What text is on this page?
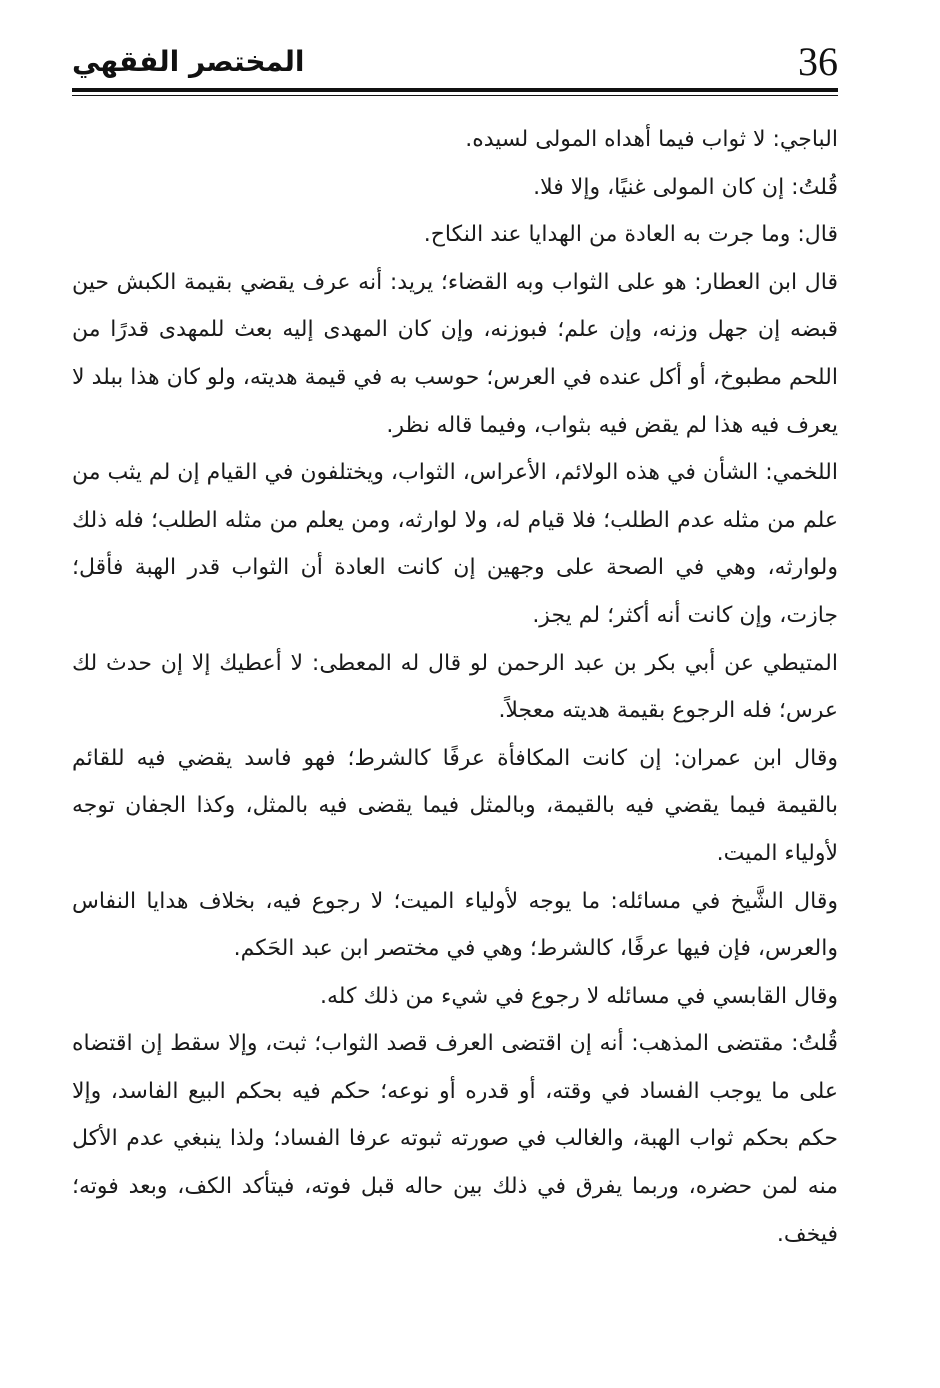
36
المختصر الفقهي

الباجي: لا ثواب فيما أهداه المولى لسيده.

قُلتُ: إن كان المولى غنيًا، وإلا فلا.

قال: وما جرت به العادة من الهدايا عند النكاح.

قال ابن العطار: هو على الثواب وبه القضاء؛ يريد: أنه عرف يقضي بقيمة الكبش حين قبضه إن جهل وزنه، وإن علم؛ فبوزنه، وإن كان المهدى إليه بعث للمهدى قدرًا من اللحم مطبوخ، أو أكل عنده في العرس؛ حوسب به في قيمة هديته، ولو كان هذا ببلد لا يعرف فيه هذا لم يقض فيه بثواب، وفيما قاله نظر.

اللخمي: الشأن في هذه الولائم، الأعراس، الثواب، ويختلفون في القيام إن لم يثب من علم من مثله عدم الطلب؛ فلا قيام له، ولا لوارثه، ومن يعلم من مثله الطلب؛ فله ذلك ولوارثه، وهي في الصحة على وجهين إن كانت العادة أن الثواب قدر الهبة فأقل؛ جازت، وإن كانت أنه أكثر؛ لم يجز.

المتيطي عن أبي بكر بن عبد الرحمن لو قال له المعطى: لا أعطيك إلا إن حدث لك عرس؛ فله الرجوع بقيمة هديته معجلاً.

وقال ابن عمران: إن كانت المكافأة عرفًا كالشرط؛ فهو فاسد يقضي فيه للقائم بالقيمة فيما يقضي فيه بالقيمة، وبالمثل فيما يقضى فيه بالمثل، وكذا الجفان توجه لأولياء الميت.

وقال الشَّيخ في مسائله: ما يوجه لأولياء الميت؛ لا رجوع فيه، بخلاف هدايا النفاس والعرس، فإن فيها عرفًا، كالشرط؛ وهي في مختصر ابن عبد الحَكم.

وقال القابسي في مسائله لا رجوع في شيء من ذلك كله.

قُلتُ: مقتضى المذهب: أنه إن اقتضى العرف قصد الثواب؛ ثبت، وإلا سقط إن اقتضاه على ما يوجب الفساد في وقته، أو قدره أو نوعه؛ حكم فيه بحكم البيع الفاسد، وإلا حكم بحكم ثواب الهبة، والغالب في صورته ثبوته عرفا الفساد؛ ولذا ينبغي عدم الأكل منه لمن حضره، وربما يفرق في ذلك بين حاله قبل فوته، فيتأكد الكف، وبعد فوته؛ فيخف.
